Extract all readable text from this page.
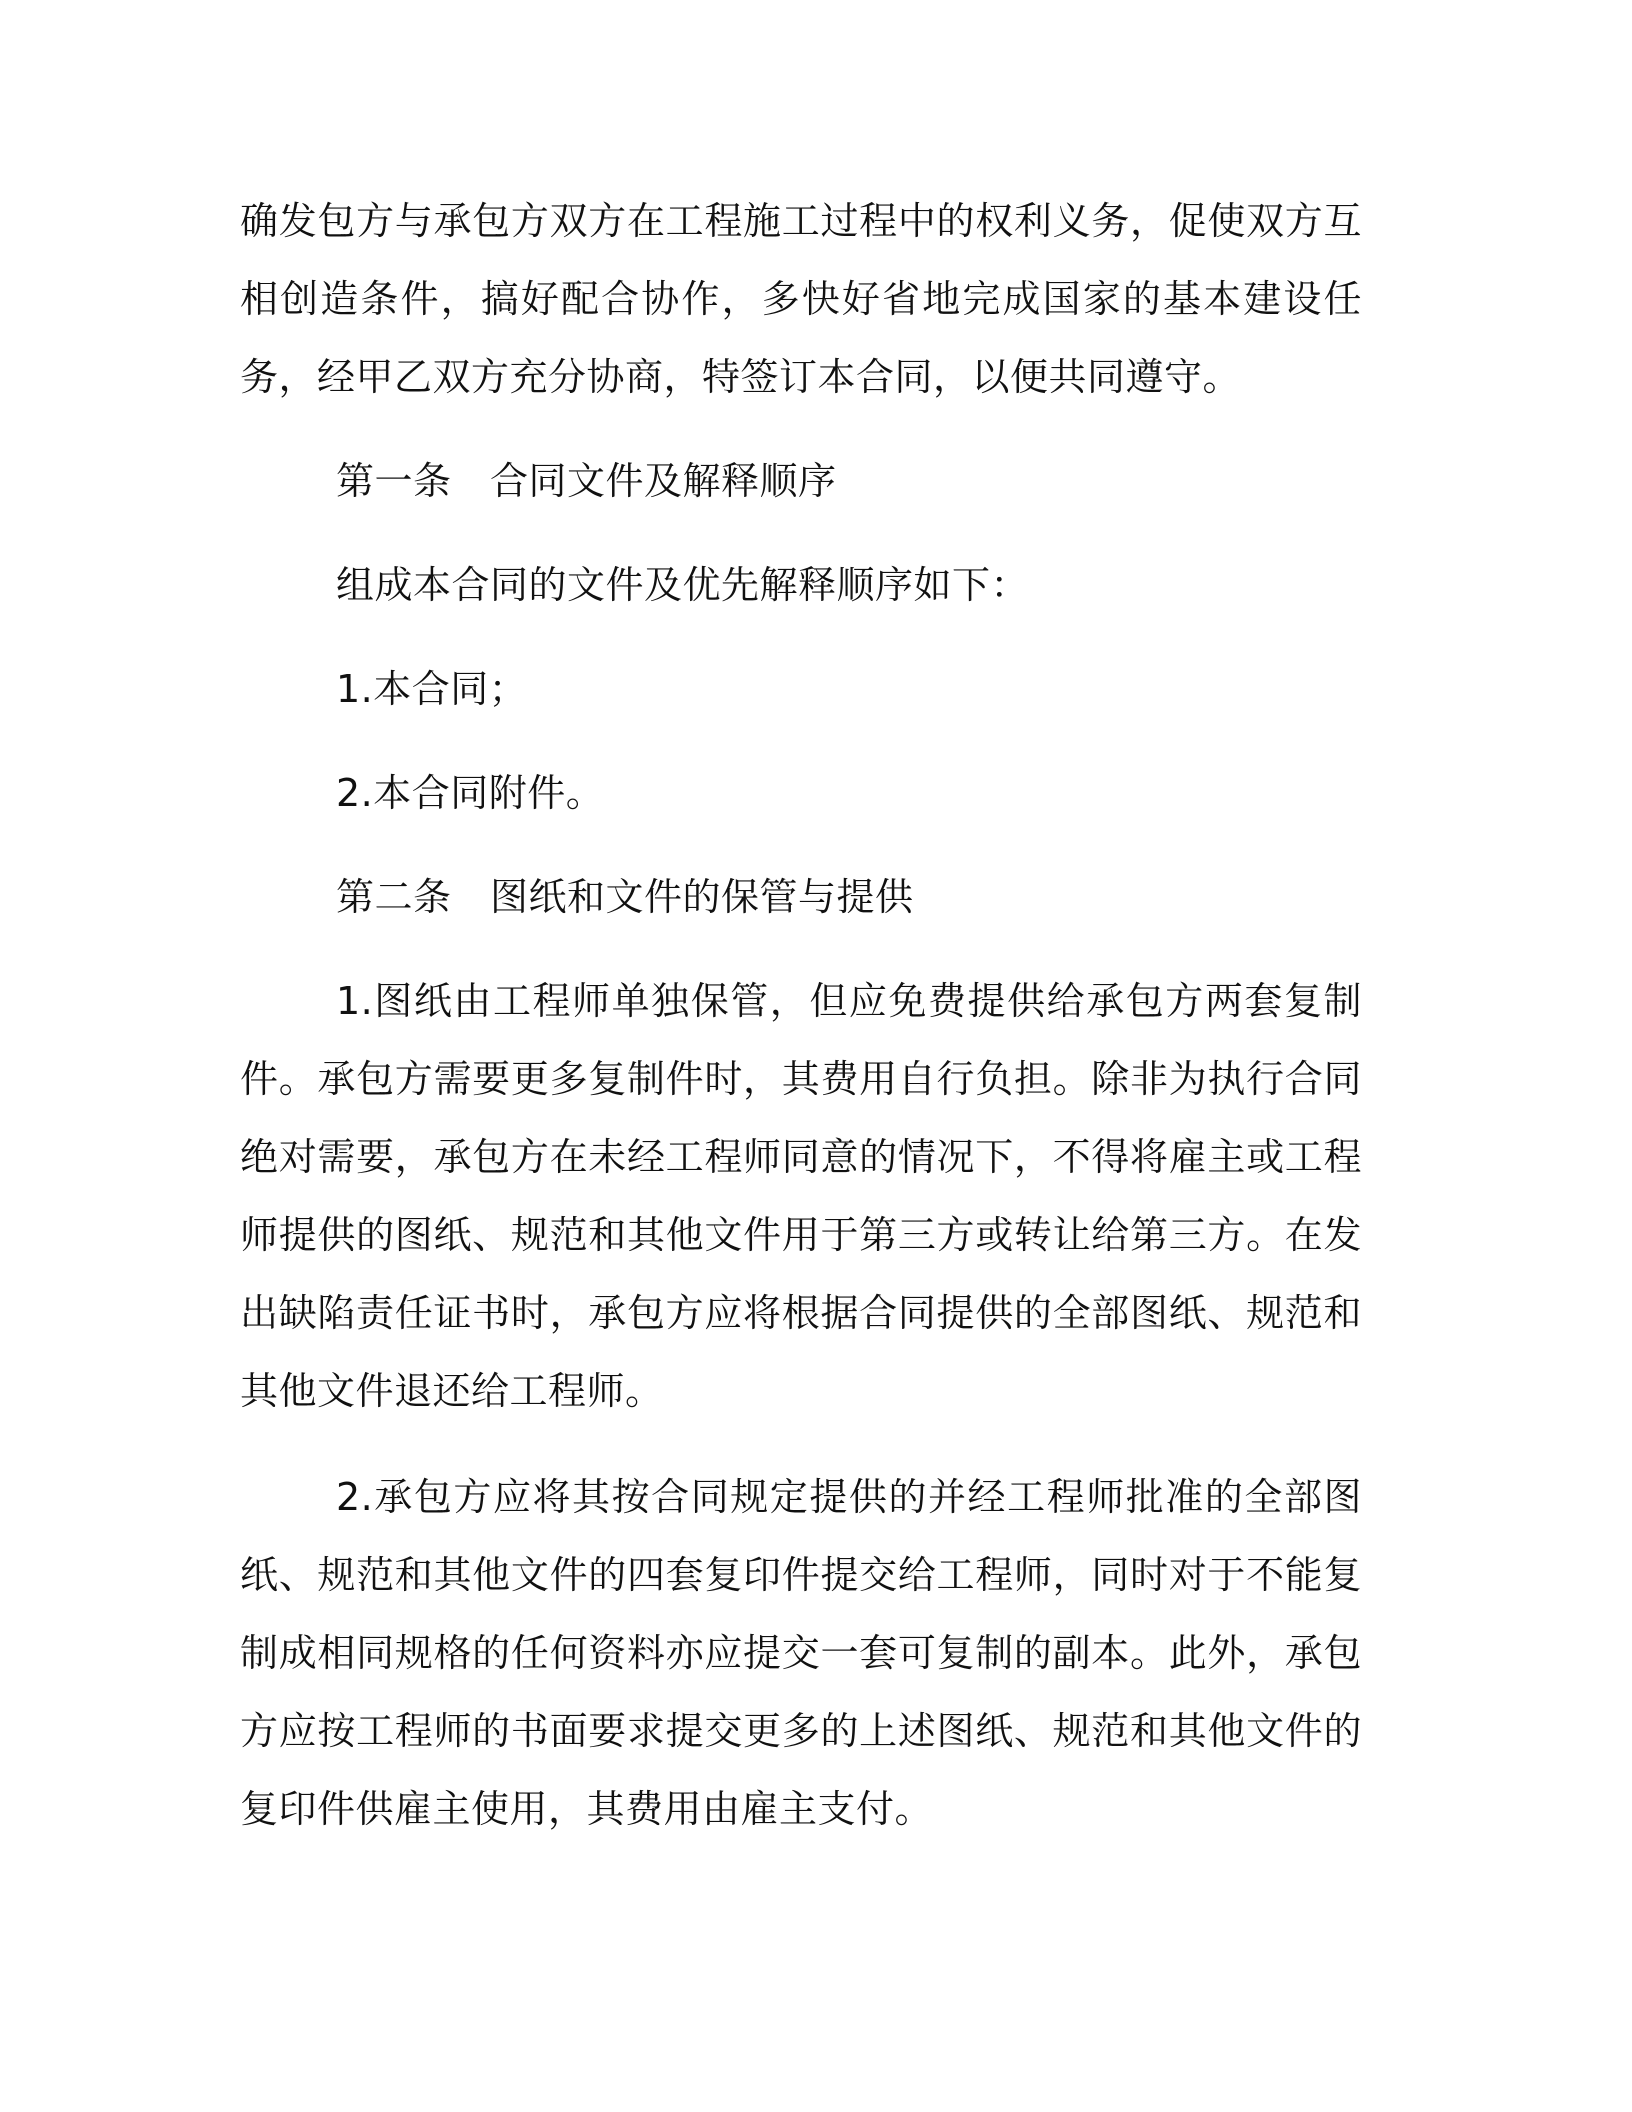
确发包方与承包方双方在工程施工过程中的权利义务，促使双方互相创造条件，搞好配合协作，多快好省地完成国家的基本建设任务，经甲乙双方充分协商，特签订本合同，以便共同遵守。

第一条　合同文件及解释顺序

组成本合同的文件及优先解释顺序如下：

1.本合同；

2.本合同附件。

第二条　图纸和文件的保管与提供

1.图纸由工程师单独保管，但应免费提供给承包方两套复制件。承包方需要更多复制件时，其费用自行负担。除非为执行合同绝对需要，承包方在未经工程师同意的情况下，不得将雇主或工程师提供的图纸、规范和其他文件用于第三方或转让给第三方。在发出缺陷责任证书时，承包方应将根据合同提供的全部图纸、规范和其他文件退还给工程师。

2.承包方应将其按合同规定提供的并经工程师批准的全部图纸、规范和其他文件的四套复印件提交给工程师，同时对于不能复制成相同规格的任何资料亦应提交一套可复制的副本。此外，承包方应按工程师的书面要求提交更多的上述图纸、规范和其他文件的复印件供雇主使用，其费用由雇主支付。
